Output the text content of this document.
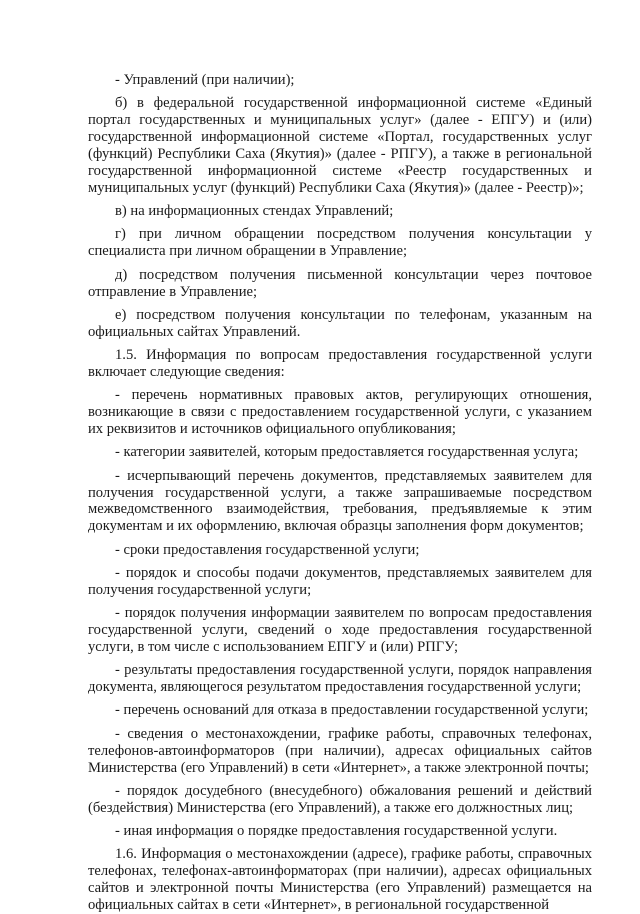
- Управлений (при наличии);

б) в федеральной государственной информационной системе «Единый портал государственных и муниципальных услуг» (далее - ЕПГУ) и (или) государственной информационной системе «Портал, государственных услуг (функций) Республики Саха (Якутия)» (далее - РПГУ), а также в региональной государственной информационной системе «Реестр государственных и муниципальных услуг (функций) Республики Саха (Якутия)» (далее - Реестр)»;

в) на информационных стендах Управлений;

г) при личном обращении посредством получения консультации у специалиста при личном обращении в Управление;

д) посредством получения письменной консультации через почтовое отправление в Управление;

е) посредством получения консультации по телефонам, указанным на официальных сайтах Управлений.

1.5. Информация по вопросам предоставления государственной услуги включает следующие сведения:

- перечень нормативных правовых актов, регулирующих отношения, возникающие в связи с предоставлением государственной услуги, с указанием их реквизитов и источников официального опубликования;

- категории заявителей, которым предоставляется государственная услуга;

- исчерпывающий перечень документов, представляемых заявителем для получения государственной услуги, а также запрашиваемые посредством межведомственного взаимодействия, требования, предъявляемые к этим документам и их оформлению, включая образцы заполнения форм документов;

- сроки предоставления государственной услуги;

- порядок и способы подачи документов, представляемых заявителем для получения государственной услуги;

- порядок получения информации заявителем по вопросам предоставления государственной услуги, сведений о ходе предоставления государственной услуги, в том числе с использованием ЕПГУ и (или) РПГУ;

- результаты предоставления государственной услуги, порядок направления документа, являющегося результатом предоставления государственной услуги;

- перечень оснований для отказа в предоставлении государственной услуги;

- сведения о местонахождении, графике работы, справочных телефонах, телефонов-автоинформаторов (при наличии), адресах официальных сайтов Министерства (его Управлений) в сети «Интернет», а также электронной почты;

- порядок досудебного (внесудебного) обжалования решений и действий (бездействия) Министерства (его Управлений), а также его должностных лиц;

- иная информация о порядке предоставления государственной услуги.

1.6. Информация о местонахождении (адресе), графике работы, справочных телефонах, телефонах-автоинформаторах (при наличии), адресах официальных сайтов и электронной почты Министерства (его Управлений) размещается на официальных сайтах в сети «Интернет», в региональной государственной
